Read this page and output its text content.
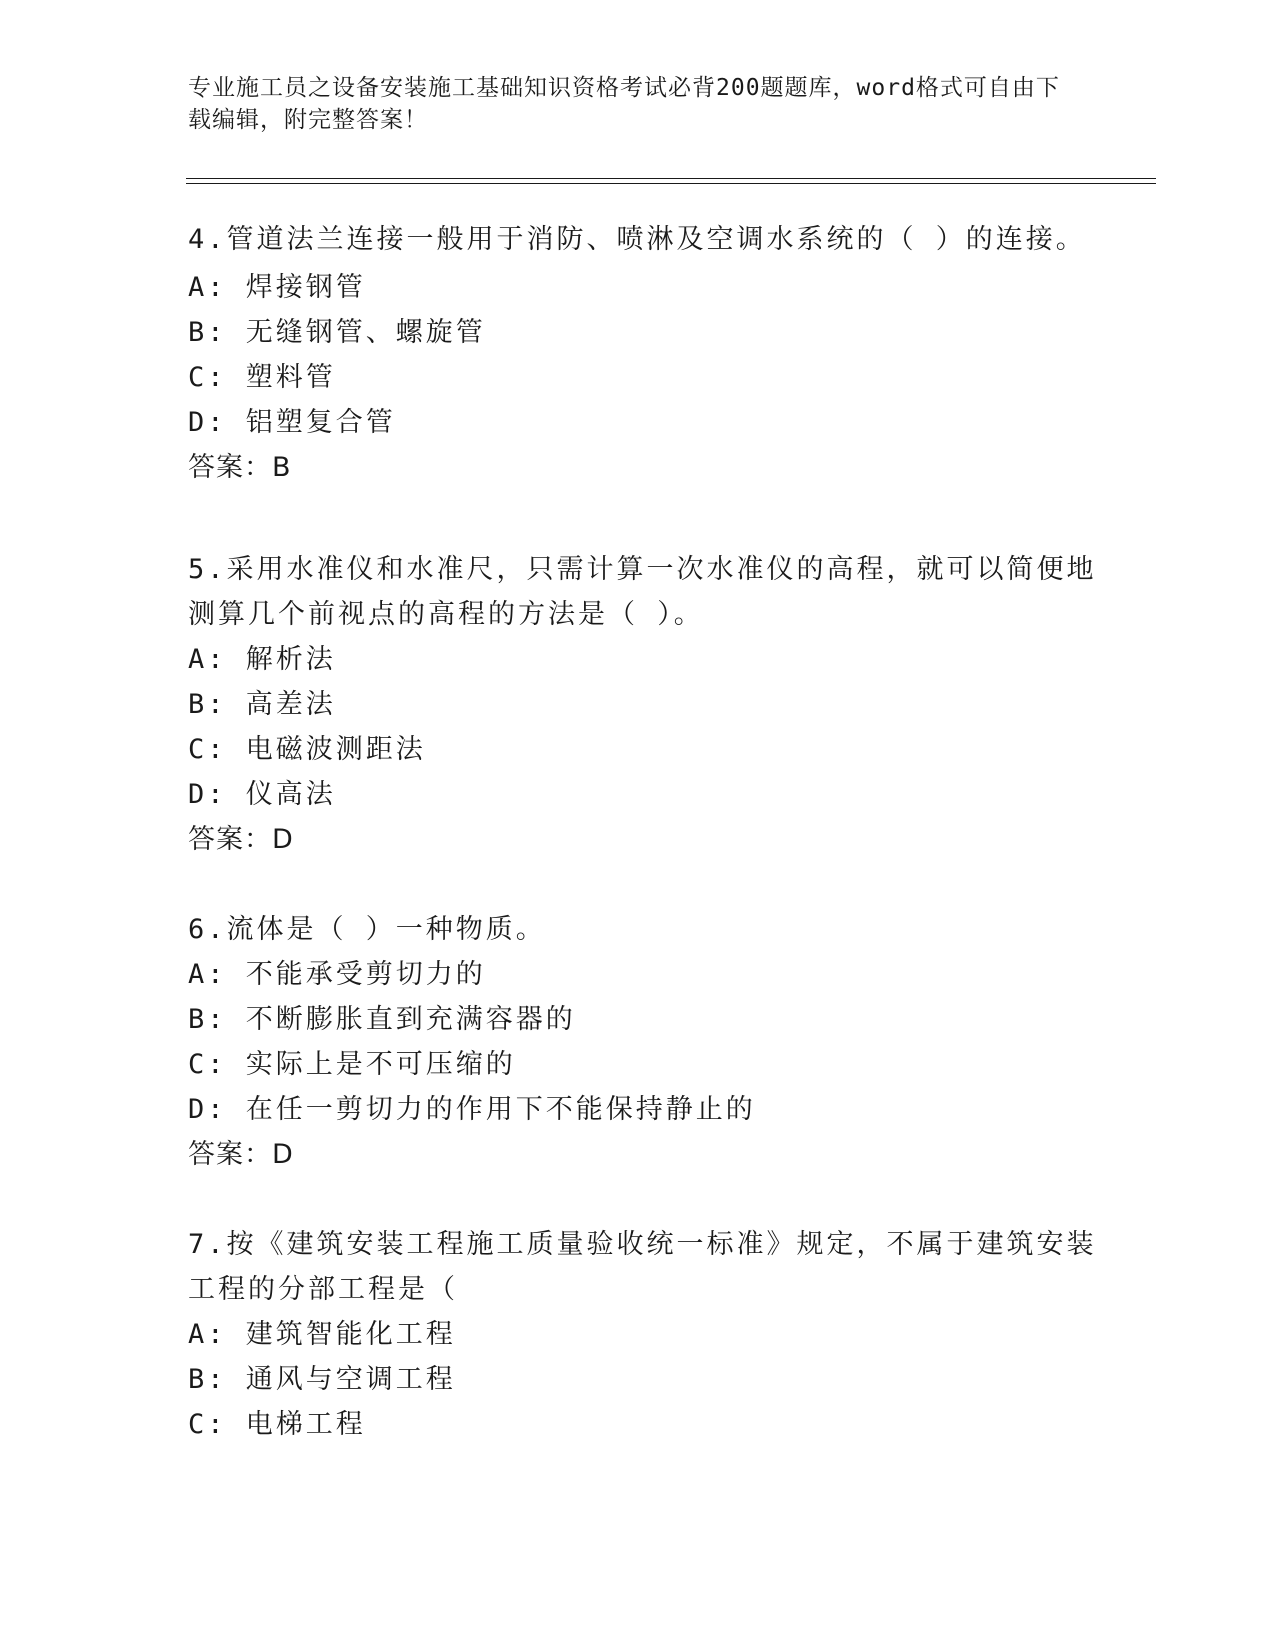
专业施工员之设备安装施工基础知识资格考试必背200题题库，word格式可自由下载编辑，附完整答案！
4.管道法兰连接一般用于消防、喷淋及空调水系统的（ ）的连接。
A: 焊接钢管
B: 无缝钢管、螺旋管
C: 塑料管
D: 铝塑复合管
答案：B
5.采用水准仪和水准尺，只需计算一次水准仪的高程，就可以简便地
测算几个前视点的高程的方法是（ ）。
A: 解析法
B: 高差法
C: 电磁波测距法
D: 仪高法
答案：D
6.流体是（ ）一种物质。
A: 不能承受剪切力的
B: 不断膨胀直到充满容器的
C: 实际上是不可压缩的
D: 在任一剪切力的作用下不能保持静止的
答案：D
7.按《建筑安装工程施工质量验收统一标准》规定，不属于建筑安装
工程的分部工程是（
A: 建筑智能化工程
B: 通风与空调工程
C: 电梯工程
